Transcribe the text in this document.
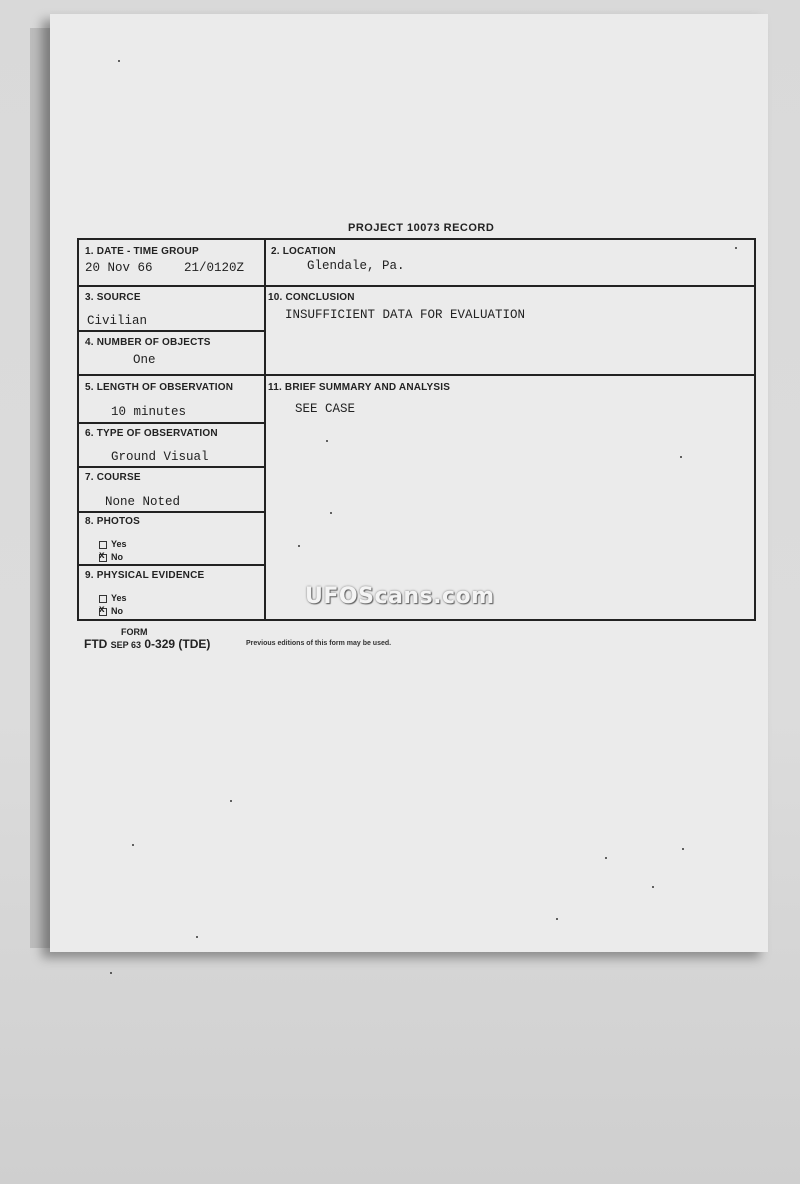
PROJECT 10073 RECORD
1. DATE - TIME GROUP
20 Nov 66	21/0120Z
2. LOCATION
Glendale, Pa.
3. SOURCE
Civilian
4. NUMBER OF OBJECTS
One
10. CONCLUSION
INSUFFICIENT DATA FOR EVALUATION
5. LENGTH OF OBSERVATION
10 minutes
11. BRIEF SUMMARY AND ANALYSIS
SEE CASE
6. TYPE OF OBSERVATION
Ground Visual
7. COURSE
None Noted
8. PHOTOS
Yes
xNo
9. PHYSICAL EVIDENCE
Yes
xNo
FORM
FTD SEP 63 0-329 (TDE)	Previous editions of this form may be used.
UFOScans.com
